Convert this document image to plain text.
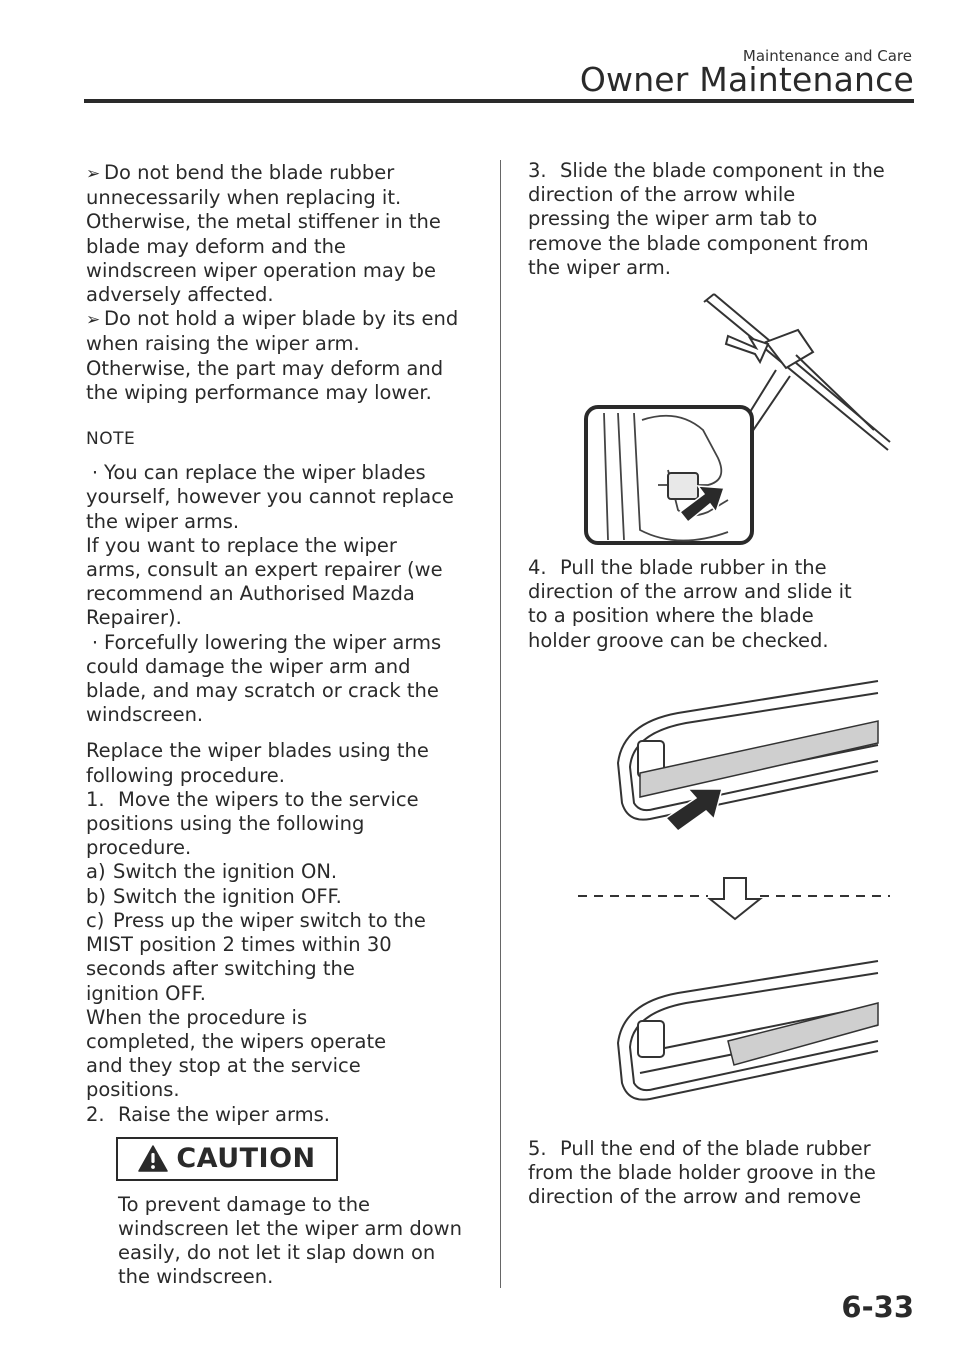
Maintenance and Care
Owner Maintenance

➢ Do not bend the blade rubber
unnecessarily when replacing it.
Otherwise, the metal stiffener in the
blade may deform and the
windscreen wiper operation may be
adversely affected.

➢ Do not hold a wiper blade by its end
when raising the wiper arm.
Otherwise, the part may deform and
the wiping performance may lower.

NOTE

· You can replace the wiper blades
yourself, however you cannot replace
the wiper arms.
If you want to replace the wiper
arms, consult an expert repairer (we
recommend an Authorised Mazda
Repairer).

· Forcefully lowering the wiper arms
could damage the wiper arm and
blade, and may scratch or crack the
windscreen.

Replace the wiper blades using the
following procedure.

1. Move the wipers to the service
positions using the following
procedure.

a) Switch the ignition ON.

b) Switch the ignition OFF.

c) Press up the wiper switch to the
MIST position 2 times within 30
seconds after switching the
ignition OFF.
When the procedure is
completed, the wipers operate
and they stop at the service
positions.

2. Raise the wiper arms.

CAUTION

To prevent damage to the
windscreen let the wiper arm down
easily, do not let it slap down on
the windscreen.

3. Slide the blade component in the
direction of the arrow while
pressing the wiper arm tab to
remove the blade component from
the wiper arm.

4. Pull the blade rubber in the
direction of the arrow and slide it
to a position where the blade
holder groove can be checked.

5. Pull the end of the blade rubber
from the blade holder groove in the
direction of the arrow and remove

6-33
